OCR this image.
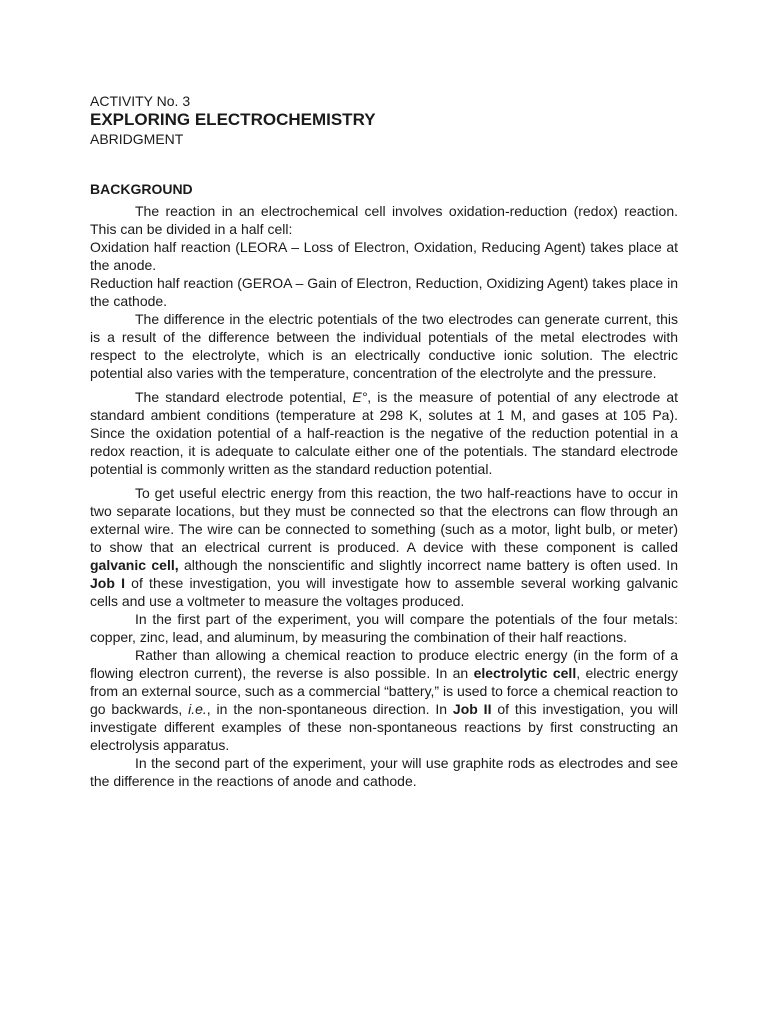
ACTIVITY No. 3

EXPLORING ELECTROCHEMISTRY

ABRIDGMENT

BACKGROUND

The reaction in an electrochemical cell involves oxidation-reduction (redox) reaction. This can be divided in a half cell:

Oxidation half reaction (LEORA – Loss of Electron, Oxidation, Reducing Agent) takes place at the anode.

Reduction half reaction (GEROA – Gain of Electron, Reduction, Oxidizing Agent) takes place in the cathode.

The difference in the electric potentials of the two electrodes can generate current, this is a result of the difference between the individual potentials of the metal electrodes with respect to the electrolyte, which is an electrically conductive ionic solution. The electric potential also varies with the temperature, concentration of the electrolyte and the pressure.

The standard electrode potential, E°, is the measure of potential of any electrode at standard ambient conditions (temperature at 298 K, solutes at 1 M, and gases at 105 Pa). Since the oxidation potential of a half-reaction is the negative of the reduction potential in a redox reaction, it is adequate to calculate either one of the potentials. The standard electrode potential is commonly written as the standard reduction potential.

To get useful electric energy from this reaction, the two half-reactions have to occur in two separate locations, but they must be connected so that the electrons can flow through an external wire. The wire can be connected to something (such as a motor, light bulb, or meter) to show that an electrical current is produced. A device with these component is called galvanic cell, although the nonscientific and slightly incorrect name battery is often used. In Job I of these investigation, you will investigate how to assemble several working galvanic cells and use a voltmeter to measure the voltages produced.

In the first part of the experiment, you will compare the potentials of the four metals: copper, zinc, lead, and aluminum, by measuring the combination of their half reactions.

Rather than allowing a chemical reaction to produce electric energy (in the form of a flowing electron current), the reverse is also possible. In an electrolytic cell, electric energy from an external source, such as a commercial “battery,” is used to force a chemical reaction to go backwards, i.e., in the non-spontaneous direction. In Job II of this investigation, you will investigate different examples of these non-spontaneous reactions by first constructing an electrolysis apparatus.

In the second part of the experiment, your will use graphite rods as electrodes and see the difference in the reactions of anode and cathode.
